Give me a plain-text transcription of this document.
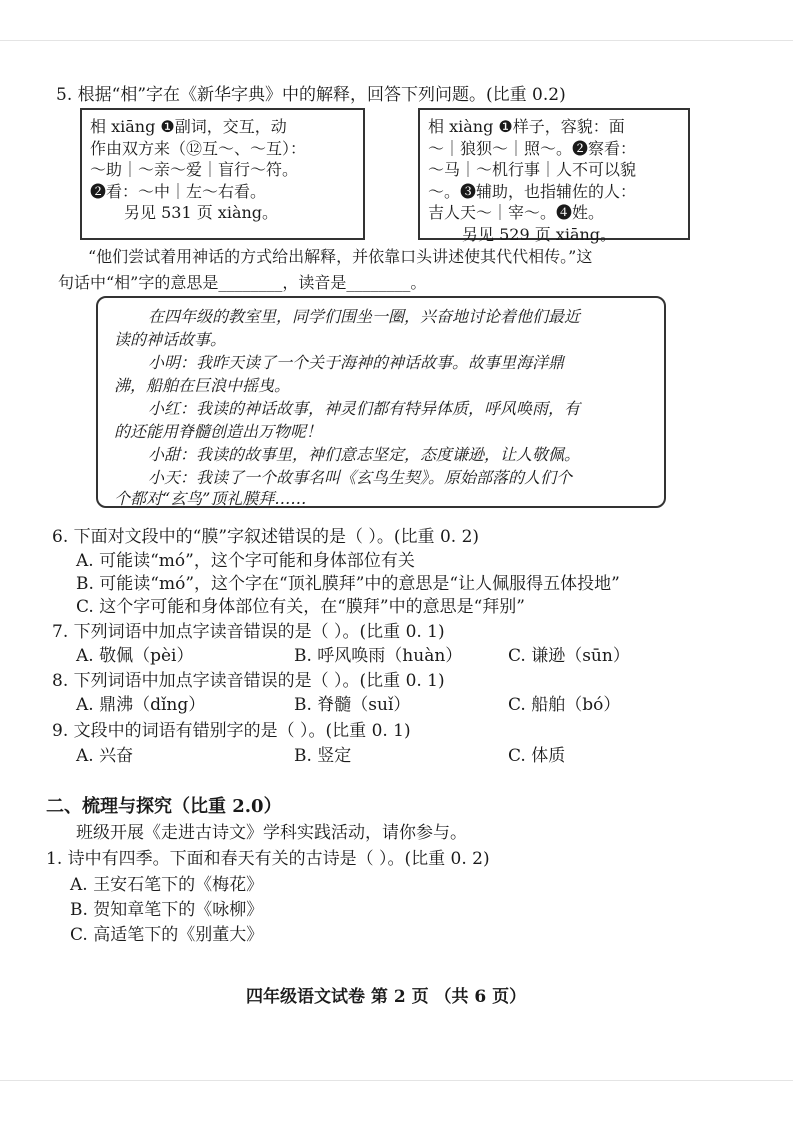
5. 根据“相”字在《新华字典》中的解释，回答下列问题。(比重 0.2)
相 xiāng ❶副词，交互，动
作由双方来（⑫互～、～互）：
～助｜～亲～爱｜盲行～符。
❷看：～中｜左～右看。
另见 531 页 xiàng。
相 xiàng ❶样子，容貌：面
～｜狼狈～｜照～。❷察看：
～马｜～机行事｜人不可以貌
～。❸辅助，也指辅佐的人：
吉人天～｜宰～。❹姓。
另见 529 页 xiāng。
“他们尝试着用神话的方式给出解释，并依靠口头讲述使其代代相传。”这
句话中“相”字的意思是________，读音是________。
在四年级的教室里，同学们围坐一圈，兴奋地讨论着他们最近
读的神话故事。
小明：我昨天读了一个关于海神的神话故事。故事里海洋鼎
沸，船舶在巨浪中摇曳。
小红：我读的神话故事，神灵们都有特异体质，呼风唤雨，有
的还能用脊髓创造出万物呢！
小甜：我读的故事里，神们意志坚定，态度谦逊，让人敬佩。
小天：我读了一个故事名叫《玄鸟生契》。原始部落的人们个
个都对“玄鸟”顶礼膜拜……
6. 下面对文段中的“膜”字叙述错误的是（ ）。(比重 0. 2)
A. 可能读“mó”，这个字可能和身体部位有关
B. 可能读“mó”，这个字在“顶礼膜拜”中的意思是“让人佩服得五体投地”
C. 这个字可能和身体部位有关，在“膜拜”中的意思是“拜别”
7. 下列词语中加点字读音错误的是（ ）。(比重 0. 1)
A. 敬佩（pèi）	B. 呼风唤雨（huàn）	C. 谦逊（sūn）
8. 下列词语中加点字读音错误的是（ ）。(比重 0. 1)
A. 鼎沸（dǐng）	B. 脊髓（suǐ）	C. 船舶（bó）
9. 文段中的词语有错别字的是（ ）。(比重 0. 1)
A. 兴奋	B. 竖定	C. 体质
二、梳理与探究（比重 2.0）
班级开展《走进古诗文》学科实践活动，请你参与。
1. 诗中有四季。下面和春天有关的古诗是（ ）。(比重 0. 2)
A. 王安石笔下的《梅花》
B. 贺知章笔下的《咏柳》
C. 高适笔下的《别董大》
四年级语文试卷 第 2 页 （共 6 页）
